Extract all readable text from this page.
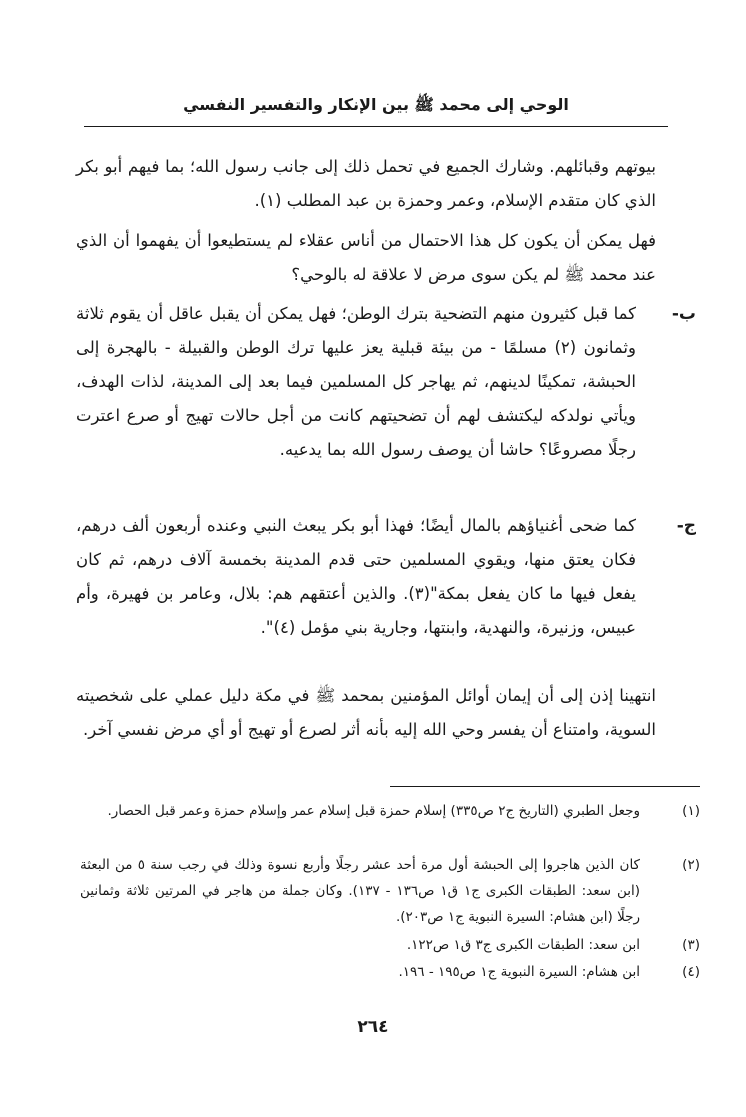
الوحي إلى محمد ﷺ بين الإنكار والتفسير النفسي

بيوتهم وقبائلهم. وشارك الجميع في تحمل ذلك إلى جانب رسول الله؛ بما فيهم أبو بكر الذي كان متقدم الإسلام، وعمر وحمزة بن عبد المطلب (١).

فهل يمكن أن يكون كل هذا الاحتمال من أناس عقلاء لم يستطيعوا أن يفهموا أن الذي عند محمد ﷺ لم يكن سوى مرض لا علاقة له بالوحي؟

ب-

كما قبل كثيرون منهم التضحية بترك الوطن؛ فهل يمكن أن يقبل عاقل أن يقوم ثلاثة وثمانون (٢) مسلمًا - من بيئة قبلية يعز عليها ترك الوطن والقبيلة - بالهجرة إلى الحبشة، تمكينًا لدينهم، ثم يهاجر كل المسلمين فيما بعد إلى المدينة، لذات الهدف، ويأتي نولدكه ليكتشف لهم أن تضحيتهم كانت من أجل حالات تهيج أو صرع اعترت رجلًا مصروعًا؟ حاشا أن يوصف رسول الله بما يدعيه.

ج-

كما ضحى أغنياؤهم بالمال أيضًا؛ فهذا أبو بكر يبعث النبي وعنده أربعون ألف درهم، فكان يعتق منها، ويقوي المسلمين حتى قدم المدينة بخمسة آلاف درهم، ثم كان يفعل فيها ما كان يفعل بمكة"(٣). والذين أعتقهم هم: بلال، وعامر بن فهيرة، وأم عبيس، وزنيرة، والنهدية، وابنتها، وجارية بني مؤمل (٤)".

انتهينا إذن إلى أن إيمان أوائل المؤمنين بمحمد ﷺ في مكة دليل عملي على شخصيته السوية، وامتناع أن يفسر وحي الله إليه بأنه أثر لصرع أو تهيج أو أي مرض نفسي آخر.

(١)
وجعل الطبري (التاريخ ج٢ ص٣٣٥) إسلام حمزة قبل إسلام عمر وإسلام حمزة وعمر قبل الحصار.
(٢)
كان الذين هاجروا إلى الحبشة أول مرة أحد عشر رجلًا وأربع نسوة وذلك في رجب سنة ٥ من البعثة (ابن سعد: الطبقات الكبرى ج١ ق١ ص١٣٦ - ١٣٧). وكان جملة من هاجر في المرتين ثلاثة وثمانين رجلًا (ابن هشام: السيرة النبوية ج١ ص٢٠٣).
(٣)
ابن سعد: الطبقات الكبرى ج٣ ق١ ص١٢٢.
(٤)
ابن هشام: السيرة النبوية ج١ ص١٩٥ - ١٩٦.
٢٦٤
